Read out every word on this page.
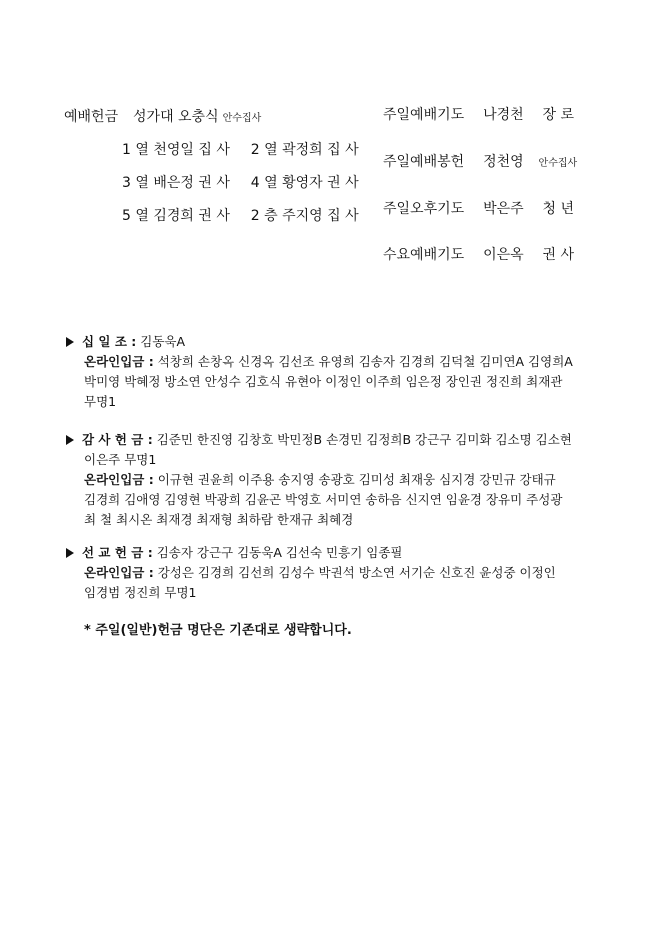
예배헌금 성가대 오충식 안수집사
1 열 천영일 집 사 2 열 곽정희 집 사
3 열 배은정 권 사 4 열 황영자 권 사
5 열 김경희 권 사 2 층 주지영 집 사
주일예배기도 나경천 장 로
주일예배봉헌 정천영 안수집사
주일오후기도 박은주 청 년
수요예배기도 이은옥 권 사
십 일 조 : 김동욱A
온라인입금 : 석창희 손창옥 신경옥 김선조 유영희 김송자 김경희 김덕철 김미연A 김영희A
박미영 박혜정 방소연 안성수 김호식 유현아 이정인 이주희 임은정 장인권 정진희 최재관
무명1
감 사 헌 금 : 김준민 한진영 김창호 박민정B 손경민 김정희B 강근구 김미화 김소명 김소현
이은주 무명1
온라인입금 : 이규현 권윤희 이주용 송지영 송광호 김미성 최재웅 심지경 강민규 강태규
김경희 김애영 김영현 박광희 김윤곤 박영호 서미연 송하음 신지연 임윤경 장유미 주성광
최 철 최시온 최재경 최재형 최하람 한재규 최혜경
선 교 헌 금 : 김송자 강근구 김동욱A 김선숙 민흥기 임종필
온라인입금 : 강성은 김경희 김선희 김성수 박권석 방소연 서기순 신호진 윤성중 이정인
임경범 정진희 무명1
* 주일(일반)헌금 명단은 기존대로 생략합니다.
